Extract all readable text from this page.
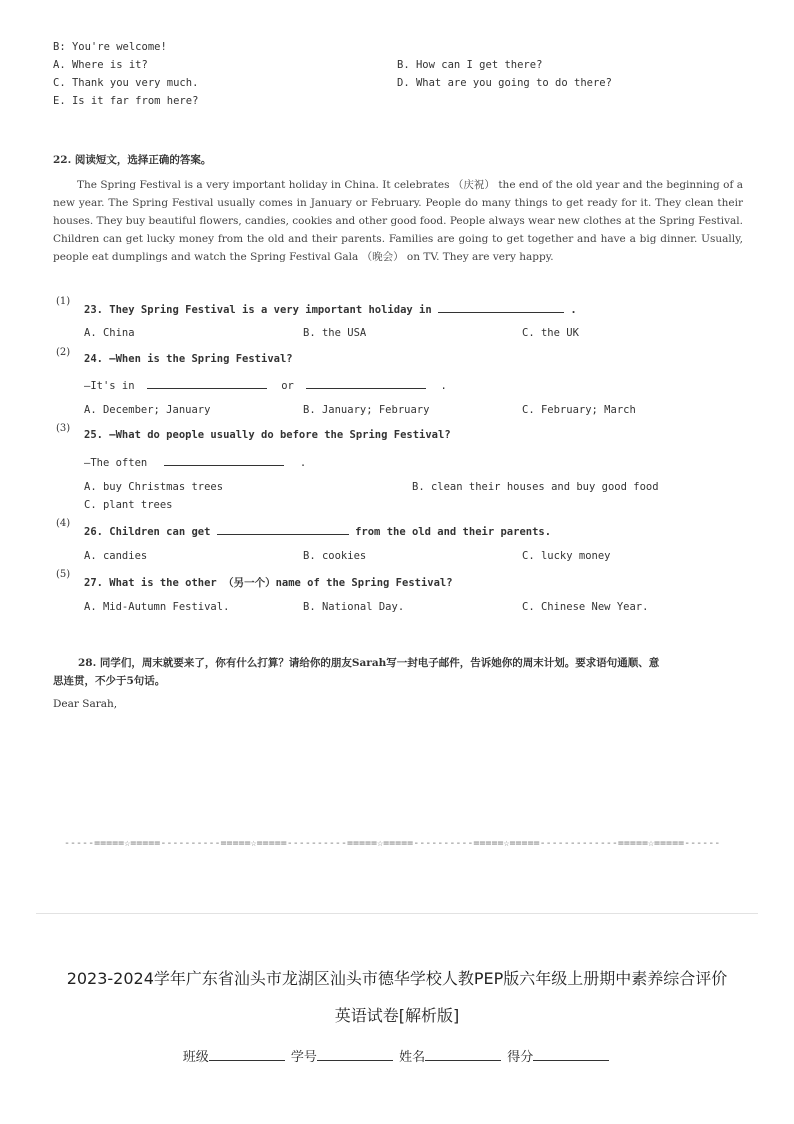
B: You're welcome!
A. Where is it?	B. How can I get there?
C. Thank you very much.	D. What are you going to do there?
E. Is it far from here?
22. 阅读短文，选择正确的答案。

The Spring Festival is a very important holiday in China. It celebrates （庆祝） the end of the old year and the beginning of a new year. The Spring Festival usually comes in January or February. People do many things to get ready for it. They clean their houses. They buy beautiful flowers, candies, cookies and other good food. People always wear new clothes at the Spring Festival. Children can get lucky money from the old and their parents. Families are going to get together and have a big dinner. Usually, people eat dumplings and watch the Spring Festival Gala （晚会） on TV. They are very happy.

(1)
23. They Spring Festival is a very important holiday in	.
A. China	B. the USA	C. the UK
(2)
24. —When is the Spring Festival?
—It's in	or	.
A. December; January	B. January; February	C. February; March
(3)
25. —What do people usually do before the Spring Festival?
—The often	.
A. buy Christmas trees	B. clean their houses and buy good food
C. plant trees
(4)
26. Children can get	from the old and their parents.
A. candies	B. cookies	C. lucky money
(5)
27. What is the other （另一个）name of the Spring Festival?
A. Mid-Autumn Festival.	B. National Day.	C. Chinese New Year.
28. 同学们，周末就要来了，你有什么打算？请给你的朋友Sarah写一封电子邮件，告诉她你的周末计划。要求语句通顺、意
思连贯，不少于5句话。
Dear Sarah,
-----=====☆=====----------=====☆=====----------=====☆=====----------=====☆=====-------------=====☆=====------
2023-2024学年广东省汕头市龙湖区汕头市德华学校人教PEP版六年级上册期中素养综合评价
英语试卷[解析版]
班级	学号	姓名	得分
